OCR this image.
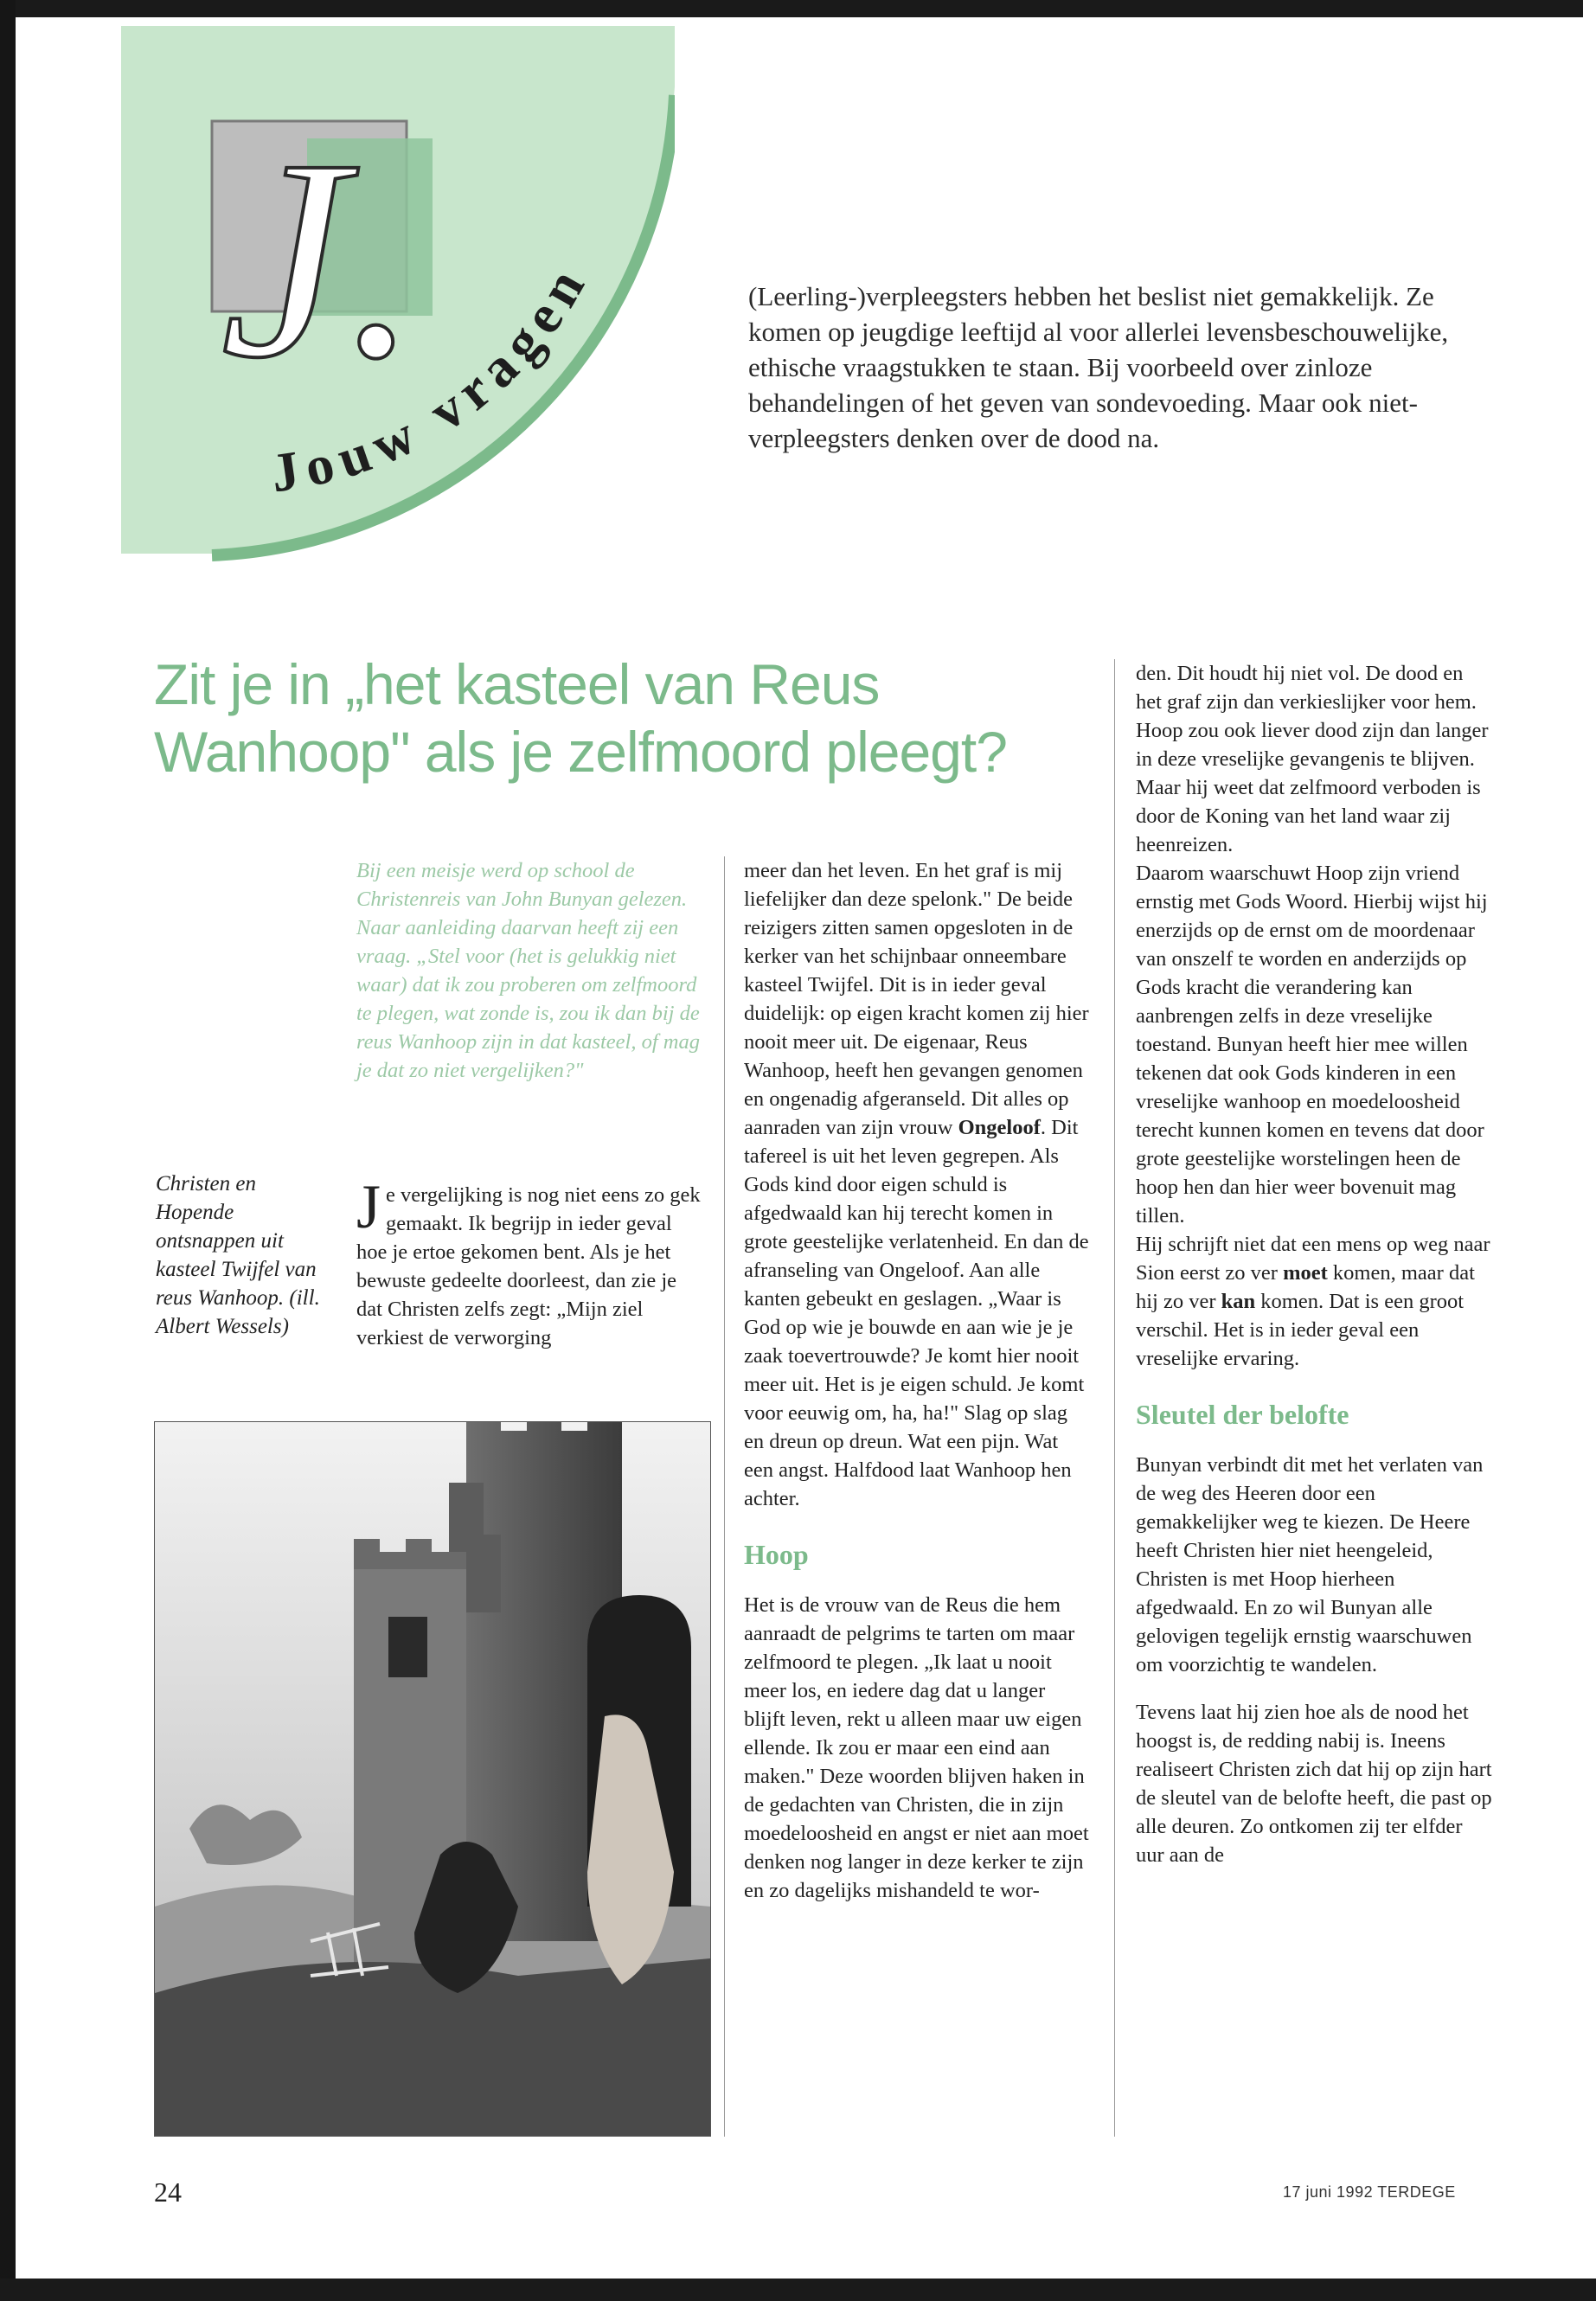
J.
Jouw vragen	(Leerling-)verpleegsters hebben het beslist niet gemakkelijk. Ze komen op jeugdige leeftijd al voor allerlei levensbeschouwelijke, ethische vraagstukken te staan. Bij voorbeeld over zinloze behandelingen of het geven van sondevoeding. Maar ook niet-verpleegsters denken over de dood na.

Zit je in „het kasteel van Reus Wanhoop" als je zelfmoord pleegt?

Bij een meisje werd op school de Christenreis van John Bunyan gelezen. Naar aanleiding daarvan heeft zij een vraag. „Stel voor (het is gelukkig niet waar) dat ik zou proberen om zelfmoord te plegen, wat zonde is, zou ik dan bij de reus Wanhoop zijn in dat kasteel, of mag je dat zo niet vergelijken?"

Christen en Hopende ontsnappen uit kasteel Twijfel van reus Wanhoop. (ill. Albert Wessels)

Je vergelijking is nog niet eens zo gek gemaakt. Ik begrijp in ieder geval hoe je ertoe gekomen bent. Als je het bewuste gedeelte doorleest, dan zie je dat Christen zelfs zegt: „Mijn ziel verkiest de verworging

meer dan het leven. En het graf is mij liefelijker dan deze spelonk." De beide reizigers zitten samen opgesloten in de kerker van het schijnbaar onneembare kasteel Twijfel. Dit is in ieder geval duidelijk: op eigen kracht komen zij hier nooit meer uit. De eigenaar, Reus Wanhoop, heeft hen gevangen genomen en ongenadig afgeranseld. Dit alles op aanraden van zijn vrouw Ongeloof. Dit tafereel is uit het leven gegrepen. Als Gods kind door eigen schuld is afgedwaald kan hij terecht komen in grote geestelijke verlatenheid. En dan de afranseling van Ongeloof. Aan alle kanten gebeukt en geslagen. „Waar is God op wie je bouwde en aan wie je je zaak toevertrouwde? Je komt hier nooit meer uit. Het is je eigen schuld. Je komt voor eeuwig om, ha, ha!" Slag op slag en dreun op dreun. Wat een pijn. Wat een angst. Halfdood laat Wanhoop hen achter.

Hoop

Het is de vrouw van de Reus die hem aanraadt de pelgrims te tarten om maar zelfmoord te plegen. „Ik laat u nooit meer los, en iedere dag dat u langer blijft leven, rekt u alleen maar uw eigen ellende. Ik zou er maar een eind aan maken." Deze woorden blijven haken in de gedachten van Christen, die in zijn moedeloosheid en angst er niet aan moet denken nog langer in deze kerker te zijn en zo dagelijks mishandeld te wor-

den. Dit houdt hij niet vol. De dood en het graf zijn dan verkieslijker voor hem. Hoop zou ook liever dood zijn dan langer in deze vreselijke gevangenis te blijven. Maar hij weet dat zelfmoord verboden is door de Koning van het land waar zij heenreizen.

Daarom waarschuwt Hoop zijn vriend ernstig met Gods Woord. Hierbij wijst hij enerzijds op de ernst om de moordenaar van onszelf te worden en anderzijds op Gods kracht die verandering kan aanbrengen zelfs in deze vreselijke toestand. Bunyan heeft hier mee willen tekenen dat ook Gods kinderen in een vreselijke wanhoop en moedeloosheid terecht kunnen komen en tevens dat door grote geestelijke worstelingen heen de hoop hen dan hier weer bovenuit mag tillen.

Hij schrijft niet dat een mens op weg naar Sion eerst zo ver moet komen, maar dat hij zo ver kan komen. Dat is een groot verschil. Het is in ieder geval een vreselijke ervaring.

Sleutel der belofte

Bunyan verbindt dit met het verlaten van de weg des Heeren door een gemakkelijker weg te kiezen. De Heere heeft Christen hier niet heengeleid, Christen is met Hoop hierheen afgedwaald. En zo wil Bunyan alle gelovigen tegelijk ernstig waarschuwen om voorzichtig te wandelen.

Tevens laat hij zien hoe als de nood het hoogst is, de redding nabij is. Ineens realiseert Christen zich dat hij op zijn hart de sleutel van de belofte heeft, die past op alle deuren. Zo ontkomen zij ter elfder uur aan de

24	17 juni 1992 TERDEGE
